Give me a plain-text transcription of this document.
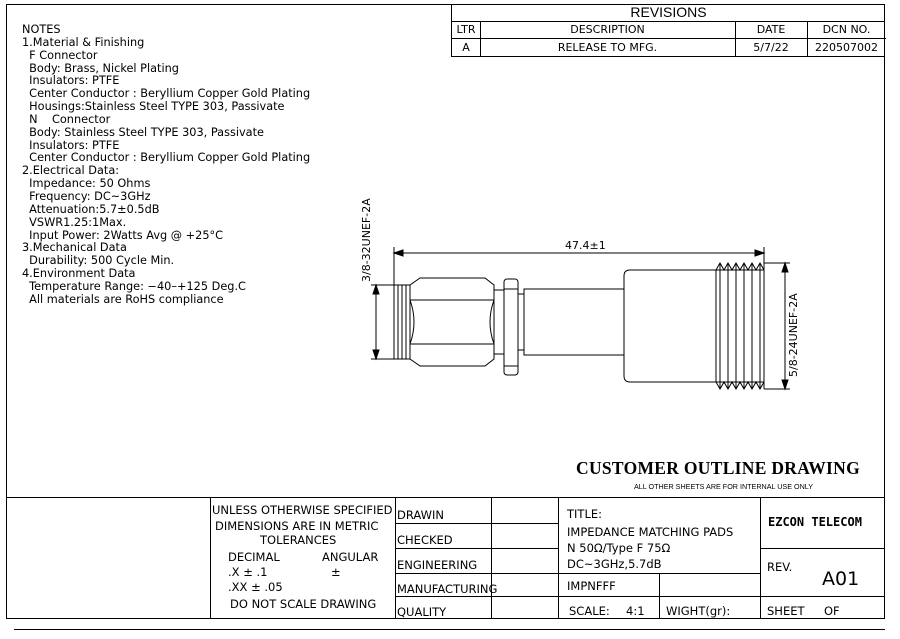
NOTES
1.Material & Finishing
F Connector
Body: Brass, Nickel Plating
Insulators: PTFE
Center Conductor : Beryllium Copper Gold Plating
Housings:Stainless Steel TYPE 303, Passivate
N    Connector
Body: Stainless Steel TYPE 303, Passivate
Insulators: PTFE
Center Conductor : Beryllium Copper Gold Plating
2.Electrical Data:
Impedance: 50 Ohms
Frequency: DC~3GHz
Attenuation:5.7±0.5dB
VSWR1.25:1Max.
Input Power: 2Watts Avg @ +25°C
3.Mechanical Data
Durability: 500 Cycle Min.
4.Environment Data
Temperature Range: −40–+125 Deg.C
All materials are RoHS compliance
REVISIONS
LTR	DESCRIPTION	DATE	DCN NO.
A	RELEASE TO MFG.	5/7/22	220507002
47.4±1
3/8-32UNEF-2A
5/8-24UNEF-2A
CUSTOMER OUTLINE DRAWING
ALL OTHER SHEETS ARE FOR INTERNAL USE ONLY
UNLESS OTHERWISE SPECIFIED
DIMENSIONS ARE IN METRIC
TOLERANCES
DECIMAL	ANGULAR
.X ± .1	±
.XX ± .05
DO NOT SCALE DRAWING
DRAWIN
CHECKED
ENGINEERING
MANUFACTURING
QUALITY
TITLE:
IMPEDANCE MATCHING PADS
N 50Ω/Type F 75Ω
DC~3GHz,5.7dB
IMPNFFF
SCALE: 4:1 WIGHT(gr):
EZCON TELECOM
REV.
A01
SHEET OF
